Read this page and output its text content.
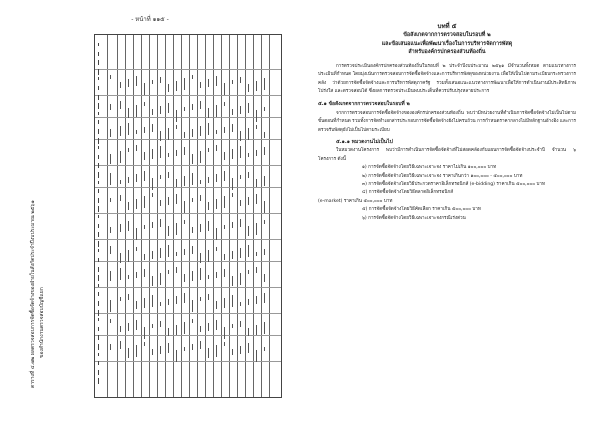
- หน้าที่ ๑๑๕ -
ตารางที่ ๔.๗๒ ผลตรวจสอบการจัดซื้อจัดจ้างของฝ่ายในสังกัดประจำปีงบประมาณ ๒๕๖๑ ของสำนักงานตรวจสอบบัญชีแยก
บทที่ ๕
ข้อสังเกตจากการตรวจสอบในรอบที่ ๒
และข้อเสนอแนะเพื่อพัฒนาเรื่องในการบริหารจัดการพัสดุ
สำหรับองค์กรปกครองส่วนท้องถิ่น

การตรวจประเมินองค์กรปกครองส่วนท้องถิ่นในรอบที่ ๒ ประจำปีงบประมาณ ๒๕๖๑ มีจำนวนทั้งหมด ตามแนวทางการประเมินที่กำหนด โดยมุ่งเน้นการตรวจสอบการจัดซื้อจัดจ้างและการบริหารพัสดุของหน่วยงาน เพื่อให้เป็นไปตามระเบียบกระทรวงการคลัง ว่าด้วยการจัดซื้อจัดจ้างและการบริหารพัสดุภาครัฐ รวมทั้งเสนอแนะแนวทางการพัฒนาเพื่อให้การดำเนินงานมีประสิทธิภาพ โปร่งใส และตรวจสอบได้ ซึ่งผลการตรวจประเมินพบประเด็นที่ควรปรับปรุงหลายประการ

๕.๑ ข้อสังเกตจากการตรวจสอบในรอบที่ ๒

จากการตรวจสอบการจัดซื้อจัดจ้างขององค์กรปกครองส่วนท้องถิ่น พบว่ามีหน่วยงานที่ดำเนินการจัดซื้อจัดจ้างไม่เป็นไปตามขั้นตอนที่กำหนด รวมทั้งการจัดทำเอกสารประกอบการจัดซื้อจัดจ้างยังไม่ครบถ้วน การกำหนดราคากลางไม่มีหลักฐานอ้างอิง และการตรวจรับพัสดุยังไม่เป็นไปตามระเบียบ

๕.๑.๑ หมวดงานไม่เป็นไป

ในหมวดงานโครงการ พบว่ามีการดำเนินการจัดซื้อจัดจ้างที่ไม่สอดคล้องกับแผนการจัดซื้อจัดจ้างประจำปี จำนวน ๖ โครงการ ดังนี้

๑) การจัดซื้อจัดจ้างโดยวิธีเฉพาะเจาะจง ราคาไม่เกิน ๑๐๐,๐๐๐ บาท
๒) การจัดซื้อจัดจ้างโดยวิธีเฉพาะเจาะจง ราคาเกินกว่า ๑๐๐,๐๐๐ - ๕๐๐,๐๐๐ บาท
๓) การจัดซื้อจัดจ้างโดยวิธีประกวดราคาอิเล็กทรอนิกส์ (e-bidding) ราคาเกิน ๕๐๐,๐๐๐ บาท
๔) การจัดซื้อจัดจ้างโดยวิธีตลาดอิเล็กทรอนิกส์
(e-market) ราคาเกิน ๕๐๐,๐๐๐ บาท
๕) การจัดซื้อจัดจ้างโดยวิธีคัดเลือก ราคาเกิน ๕๐๐,๐๐๐ บาท
๖) การจัดซื้อจัดจ้างโดยวิธีเฉพาะเจาะจงกรณีเร่งด่วน
